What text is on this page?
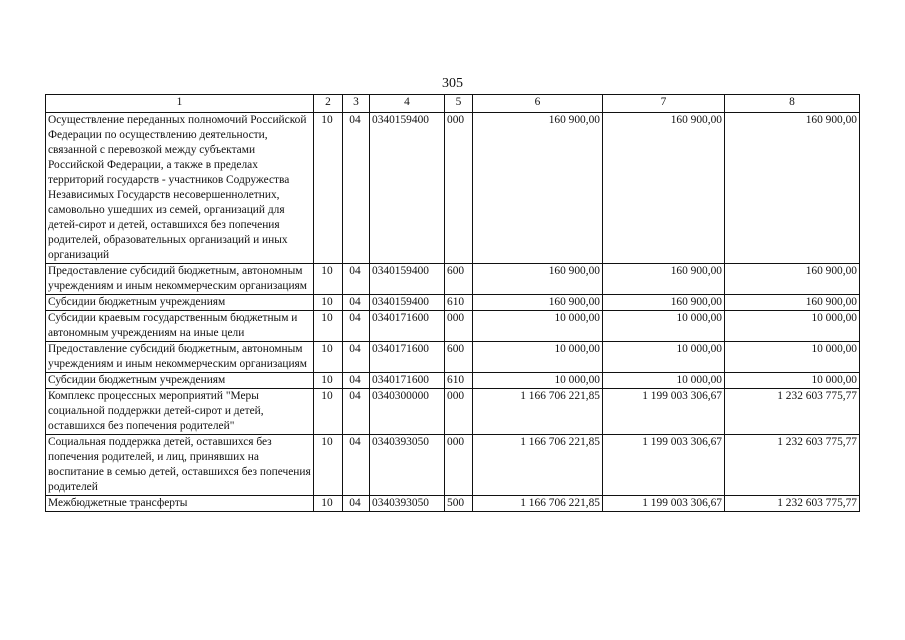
305
1	2	3	4	5	6	7	8
Осуществление переданных полномочий Российской Федерации по осуществлению деятельности, связанной с перевозкой между субъектами Российской Федерации, а также в пределах территорий государств - участников Содружества Независимых Государств несовершеннолетних, самовольно ушедших из семей, организаций для детей-сирот и детей, оставшихся без попечения родителей, образовательных организаций и иных организаций	10	04	0340159400	000	160 900,00	160 900,00	160 900,00
Предоставление субсидий бюджетным, автономным учреждениям и иным некоммерческим организациям	10	04	0340159400	600	160 900,00	160 900,00	160 900,00
Субсидии бюджетным учреждениям	10	04	0340159400	610	160 900,00	160 900,00	160 900,00
Субсидии краевым государственным бюджетным и автономным учреждениям на иные цели	10	04	0340171600	000	10 000,00	10 000,00	10 000,00
Предоставление субсидий бюджетным, автономным учреждениям и иным некоммерческим организациям	10	04	0340171600	600	10 000,00	10 000,00	10 000,00
Субсидии бюджетным учреждениям	10	04	0340171600	610	10 000,00	10 000,00	10 000,00
Комплекс процессных мероприятий "Меры социальной поддержки детей-сирот и детей, оставшихся без попечения родителей"	10	04	0340300000	000	1 166 706 221,85	1 199 003 306,67	1 232 603 775,77
Социальная поддержка детей, оставшихся без попечения родителей, и лиц, принявших на воспитание в семью детей, оставшихся без попечения родителей	10	04	0340393050	000	1 166 706 221,85	1 199 003 306,67	1 232 603 775,77
Межбюджетные трансферты	10	04	0340393050	500	1 166 706 221,85	1 199 003 306,67	1 232 603 775,77
